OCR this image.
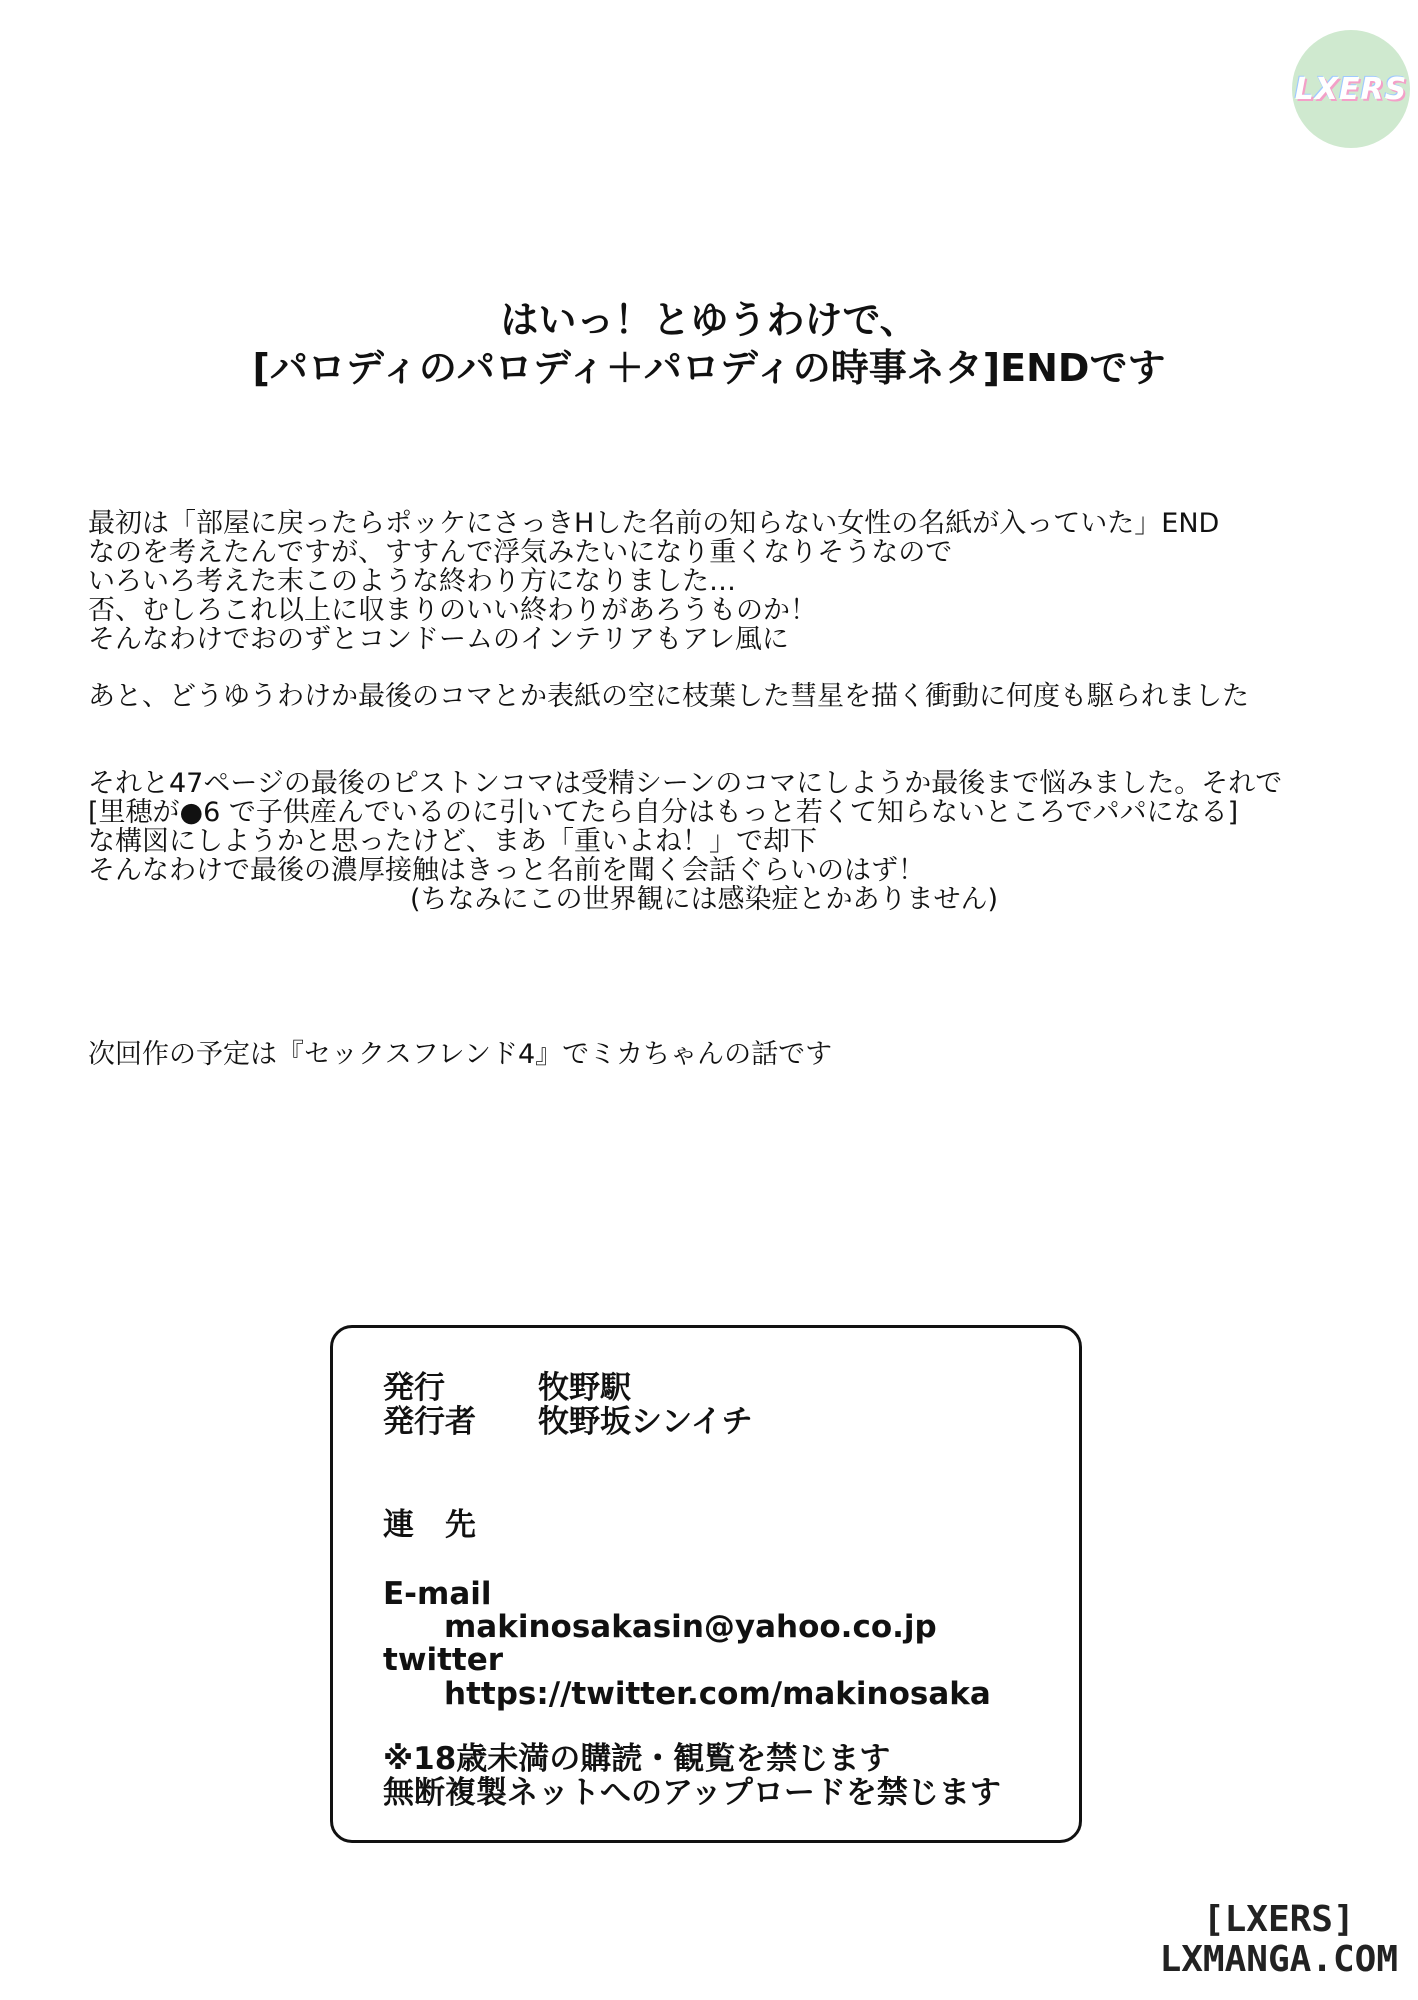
LXERS
はいっ！とゆうわけで、
[パロディのパロディ＋パロディの時事ネタ]ENDです
最初は「部屋に戻ったらポッケにさっきHした名前の知らない女性の名紙が入っていた」END
なのを考えたんですが、すすんで浮気みたいになり重くなりそうなので
いろいろ考えた末このような終わり方になりました…
否、むしろこれ以上に収まりのいい終わりがあろうものか！
そんなわけでおのずとコンドームのインテリアもアレ風に
あと、どうゆうわけか最後のコマとか表紙の空に枝葉した彗星を描く衝動に何度も駆られました
それと47ページの最後のピストンコマは受精シーンのコマにしようか最後まで悩みました。それで
[里穂が●6 で子供産んでいるのに引いてたら自分はもっと若くて知らないところでパパになる]
な構図にしようかと思ったけど、まあ「重いよね！」で却下
そんなわけで最後の濃厚接触はきっと名前を聞く会話ぐらいのはず！
(ちなみにこの世界観には感染症とかありません)
次回作の予定は『セックスフレンド4』でミカちゃんの話です
発行	牧野駅
発行者 牧野坂シンイチ
連　先
E-mail
makinosakasin@yahoo.co.jp
twitter
https://twitter.com/makinosaka
※18歳未満の購読・観覧を禁じます
無断複製ネットへのアップロードを禁じます
[LXERS]
LXMANGA.COM
